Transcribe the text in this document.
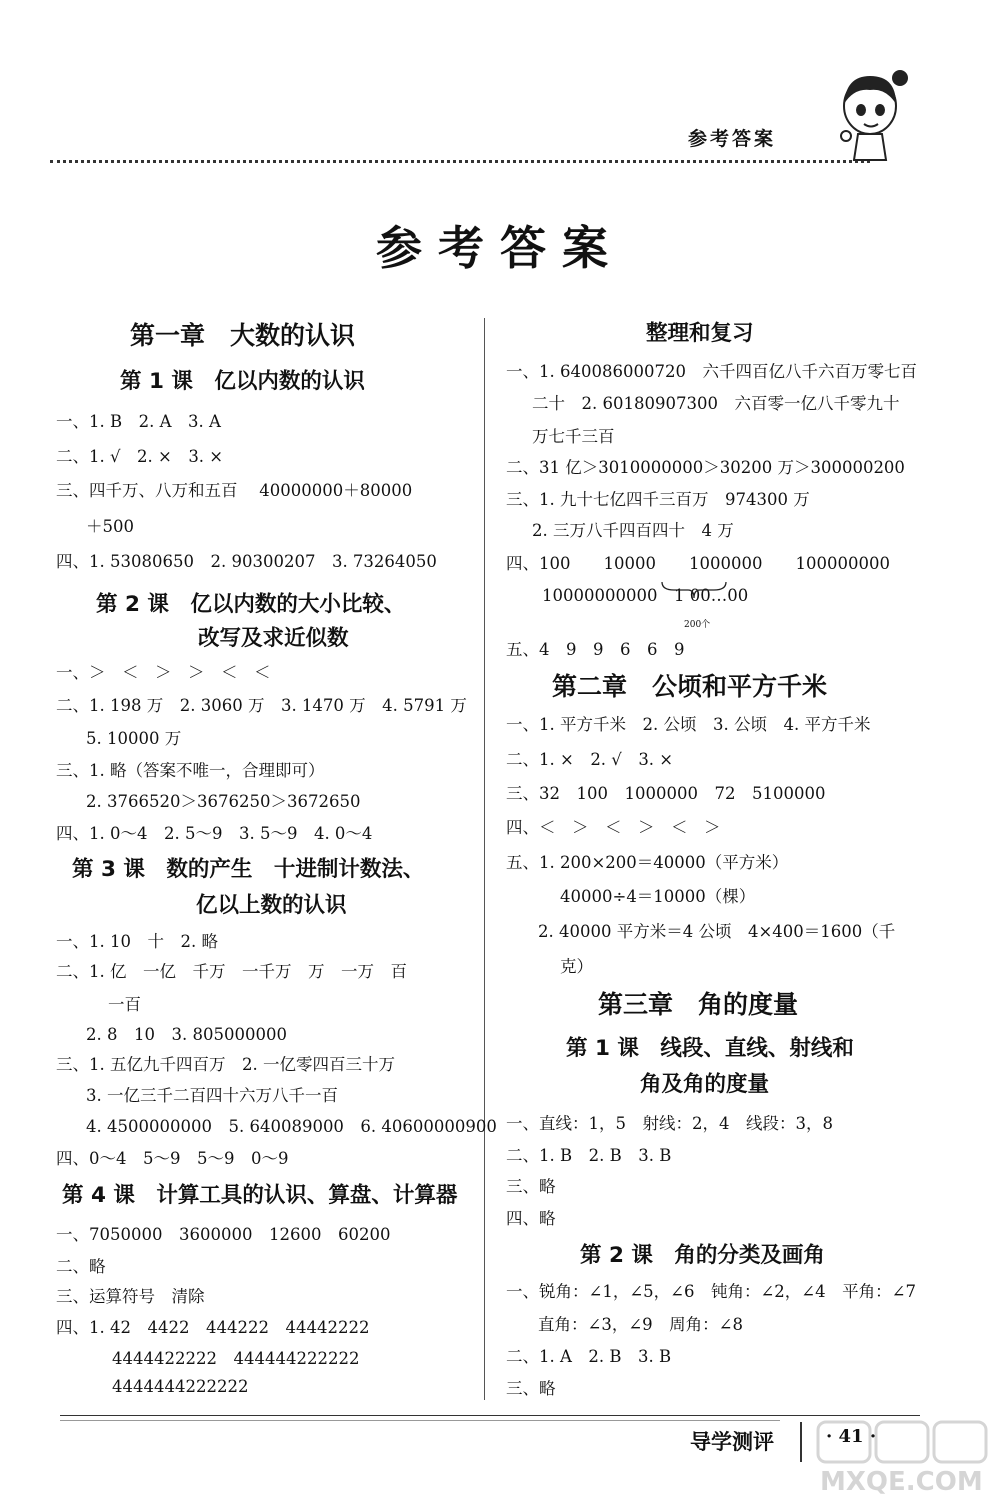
参考答案
参考答案
第一章　大数的认识
第 1 课　亿以内数的认识
一、1. B　2. A　3. A
二、1. √　2. ×　3. ×
三、四千万、八万和五百　 40000000＋80000
＋500
四、1. 53080650　2. 90300207　3. 73264050
第 2 课　亿以内数的大小比较、
改写及求近似数
一、＞　＜　＞　＞　＜　＜
二、1. 198 万　2. 3060 万　3. 1470 万　4. 5791 万
5. 10000 万
三、1. 略（答案不唯一，合理即可）
2. 3766520＞3676250＞3672650
四、1. 0～4　2. 5～9　3. 5～9　4. 0～4
第 3 课　数的产生　十进制计数法、
亿以上数的认识
一、1. 10　十　2. 略
二、1. 亿　一亿　千万　一千万　万　一万　百
一百
2. 8　10　3. 805000000
三、1. 五亿九千四百万　2. 一亿零四百三十万
3. 一亿三千二百四十六万八千一百
4. 4500000000　5. 640089000　6. 40600000900
四、0～4　5～9　5～9　0～9
第 4 课　计算工具的认识、算盘、计算器
一、7050000　3600000　12600　60200
二、略
三、运算符号　清除
四、1. 42　4422　444222　44442222
4444422222　444444222222
4444444222222
整理和复习
一、1. 640086000720　六千四百亿八千六百万零七百
二十　2. 60180907300　六百零一亿八千零九十
万七千三百
二、31 亿＞3010000000＞30200 万＞300000200
三、1. 九十七亿四千三百万　974300 万
2. 三万八千四百四十　4 万
四、100　　10000　　1000000　　100000000
10000000000　1 00…00
五、4　9　9　6　6　9
第二章　公顷和平方千米
一、1. 平方千米　2. 公顷　3. 公顷　4. 平方千米
二、1. ×　2. √　3. ×
三、32　100　1000000　72　5100000
四、＜　＞　＜　＞　＜　＞
五、1. 200×200＝40000（平方米）
40000÷4＝10000（棵）
2. 40000 平方米＝4 公顷　4×400＝1600（千
克）
第三章　角的度量
第 1 课　线段、直线、射线和
角及角的度量
一、直线：1，5　射线：2，4　线段：3，8
二、1. B　2. B　3. B
三、略
四、略
第 2 课　角的分类及画角
一、锐角：∠1，∠5，∠6　钝角：∠2，∠4　平角：∠7
直角：∠3，∠9　周角：∠8
二、1. A　2. B　3. B
三、略
200个
导学测评	· 41 ·
MXQE.COM
